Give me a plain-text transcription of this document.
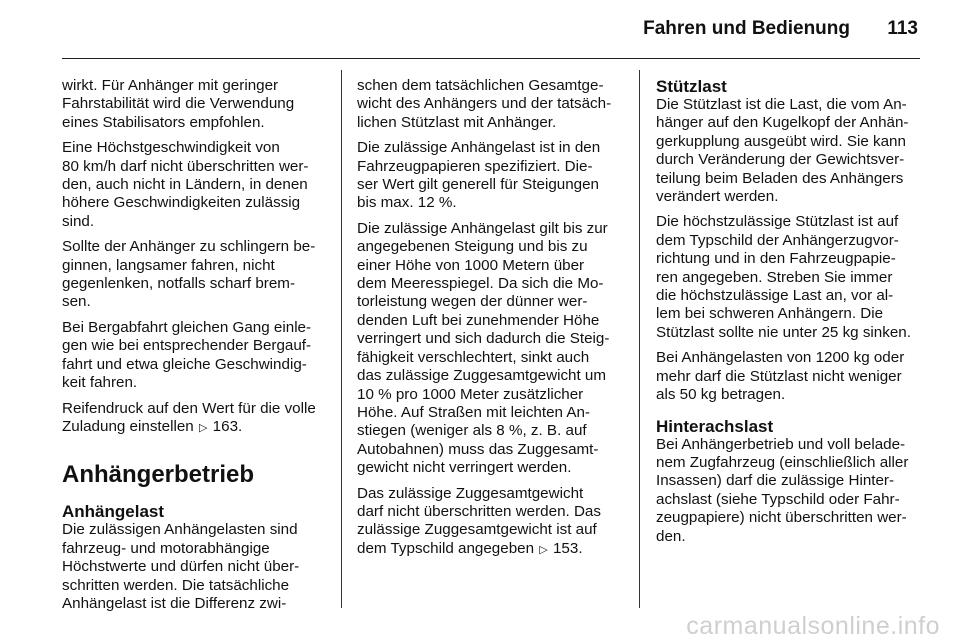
Fahren und Bedienung 113

wirkt. Für Anhänger mit geringer
Fahrstabilität wird die Verwendung
eines Stabilisators empfohlen.

Eine Höchstgeschwindigkeit von
80 km/h darf nicht überschritten wer-
den, auch nicht in Ländern, in denen
höhere Geschwindigkeiten zulässig
sind.

Sollte der Anhänger zu schlingern be-
ginnen, langsamer fahren, nicht
gegenlenken, notfalls scharf brem-
sen.

Bei Bergabfahrt gleichen Gang einle-
gen wie bei entsprechender Bergauf-
fahrt und etwa gleiche Geschwindig-
keit fahren.

Reifendruck auf den Wert für die volle
Zuladung einstellen ▷ 163.

Anhängerbetrieb
Anhängelast

Die zulässigen Anhängelasten sind
fahrzeug- und motorabhängige
Höchstwerte und dürfen nicht über-
schritten werden. Die tatsächliche
Anhängelast ist die Differenz zwi-

schen dem tatsächlichen Gesamtge-
wicht des Anhängers und der tatsäch-
lichen Stützlast mit Anhänger.

Die zulässige Anhängelast ist in den
Fahrzeugpapieren spezifiziert. Die-
ser Wert gilt generell für Steigungen
bis max. 12 %.

Die zulässige Anhängelast gilt bis zur
angegebenen Steigung und bis zu
einer Höhe von 1000 Metern über
dem Meeresspiegel. Da sich die Mo-
torleistung wegen der dünner wer-
denden Luft bei zunehmender Höhe
verringert und sich dadurch die Steig-
fähigkeit verschlechtert, sinkt auch
das zulässige Zuggesamtgewicht um
10 % pro 1000 Meter zusätzlicher
Höhe. Auf Straßen mit leichten An-
stiegen (weniger als 8 %, z. B. auf
Autobahnen) muss das Zuggesamt-
gewicht nicht verringert werden.

Das zulässige Zuggesamtgewicht
darf nicht überschritten werden. Das
zulässige Zuggesamtgewicht ist auf
dem Typschild angegeben ▷ 153.

Stützlast

Die Stützlast ist die Last, die vom An-
hänger auf den Kugelkopf der Anhän-
gerkupplung ausgeübt wird. Sie kann
durch Veränderung der Gewichtsver-
teilung beim Beladen des Anhängers
verändert werden.

Die höchstzulässige Stützlast ist auf
dem Typschild der Anhängerzugvor-
richtung und in den Fahrzeugpapie-
ren angegeben. Streben Sie immer
die höchstzulässige Last an, vor al-
lem bei schweren Anhängern. Die
Stützlast sollte nie unter 25 kg sinken.

Bei Anhängelasten von 1200 kg oder
mehr darf die Stützlast nicht weniger
als 50 kg betragen.

Hinterachslast

Bei Anhängerbetrieb und voll belade-
nem Zugfahrzeug (einschließlich aller
Insassen) darf die zulässige Hinter-
achslast (siehe Typschild oder Fahr-
zeugpapiere) nicht überschritten wer-
den.

carmanualsonline.info
